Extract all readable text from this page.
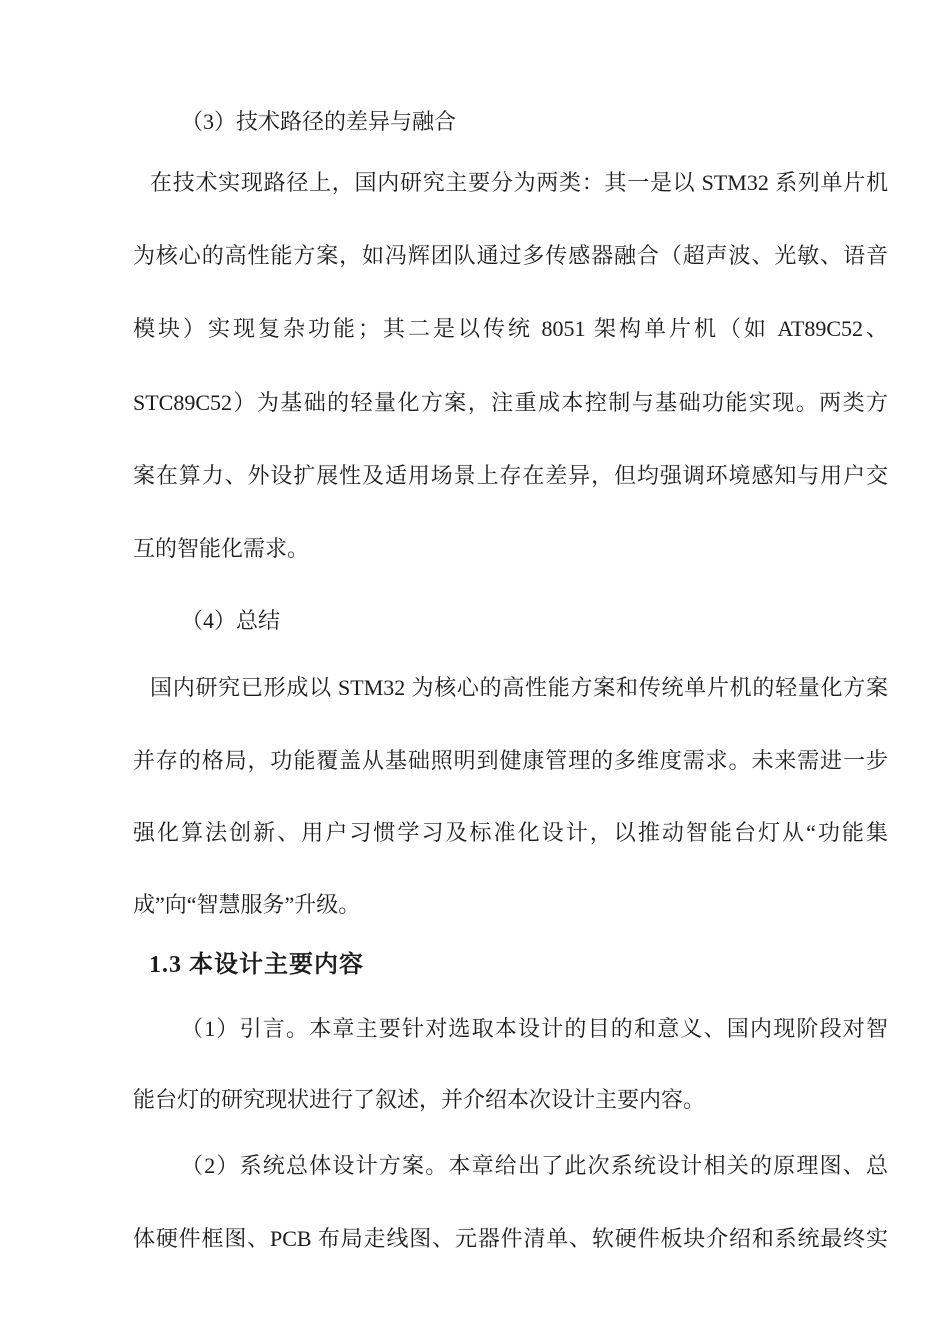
（3）技术路径的差异与融合
在技术实现路径上，国内研究主要分为两类：其一是以 STM32 系列单片机
为核心的高性能方案，如冯辉团队通过多传感器融合（超声波、光敏、语音
模块）实现复杂功能；其二是以传统 8051 架构单片机（如 AT89C52、
STC89C52）为基础的轻量化方案，注重成本控制与基础功能实现。两类方
案在算力、外设扩展性及适用场景上存在差异，但均强调环境感知与用户交
互的智能化需求。
（4）总结
国内研究已形成以 STM32 为核心的高性能方案和传统单片机的轻量化方案
并存的格局，功能覆盖从基础照明到健康管理的多维度需求。未来需进一步
强化算法创新、用户习惯学习及标准化设计，以推动智能台灯从“功能集
成”向“智慧服务”升级。
1.3 本设计主要内容
（1）引言。本章主要针对选取本设计的目的和意义、国内现阶段对智
能台灯的研究现状进行了叙述，并介绍本次设计主要内容。
（2）系统总体设计方案。本章给出了此次系统设计相关的原理图、总
体硬件框图、PCB 布局走线图、元器件清单、软硬件板块介绍和系统最终实
